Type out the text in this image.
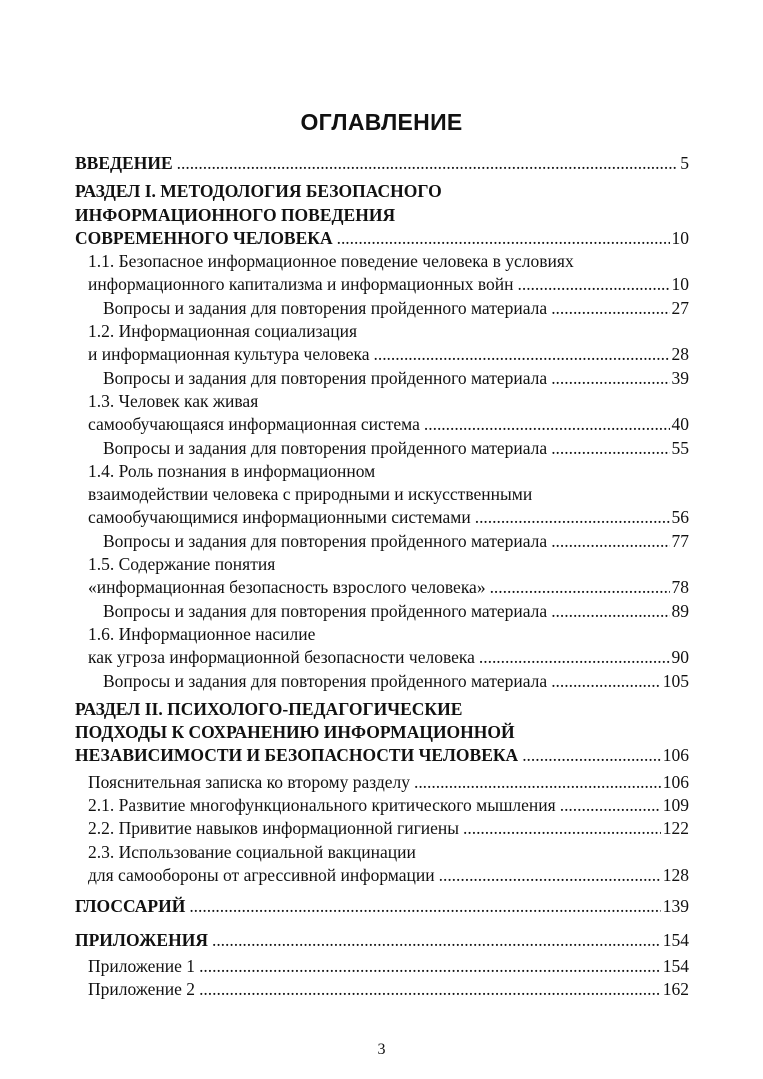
ОГЛАВЛЕНИЕ
ВВЕДЕНИЕ . . .	5
РАЗДЕЛ I. МЕТОДОЛОГИЯ БЕЗОПАСНОГО
ИНФОРМАЦИОННОГО ПОВЕДЕНИЯ
СОВРЕМЕННОГО ЧЕЛОВЕКА . . .	10
1.1. Безопасное информационное поведение человека в условиях
информационного капитализма и информационных войн . . .	10
Вопросы и задания для повторения пройденного материала . . .	27
1.2. Информационная социализация
и информационная культура человека . . .	28
Вопросы и задания для повторения пройденного материала . . .	39
1.3. Человек как живая
самообучающаяся информационная система . . .	40
Вопросы и задания для повторения пройденного материала . . .	55
1.4. Роль познания в информационном
взаимодействии человека с природными и искусственными
самообучающимися информационными системами . . .	56
Вопросы и задания для повторения пройденного материала . . .	77
1.5. Содержание понятия
«информационная безопасность взрослого человека» . . .	78
Вопросы и задания для повторения пройденного материала . . .	89
1.6. Информационное насилие
как угроза информационной безопасности человека . . .	90
Вопросы и задания для повторения пройденного материала . . .	105
РАЗДЕЛ II. ПСИХОЛОГО-ПЕДАГОГИЧЕСКИЕ
ПОДХОДЫ К СОХРАНЕНИЮ ИНФОРМАЦИОННОЙ
НЕЗАВИСИМОСТИ И БЕЗОПАСНОСТИ ЧЕЛОВЕКА . . .	106
Пояснительная записка ко второму разделу . . .	106
2.1. Развитие многофункционального критического мышления . . .	109
2.2. Привитие навыков информационной гигиены . . .	122
2.3. Использование социальной вакцинации
для самообороны от агрессивной информации . . .	128
ГЛОССАРИЙ . . .	139
ПРИЛОЖЕНИЯ . . .	154
Приложение 1 . . .	154
Приложение 2 . . .	162
3
